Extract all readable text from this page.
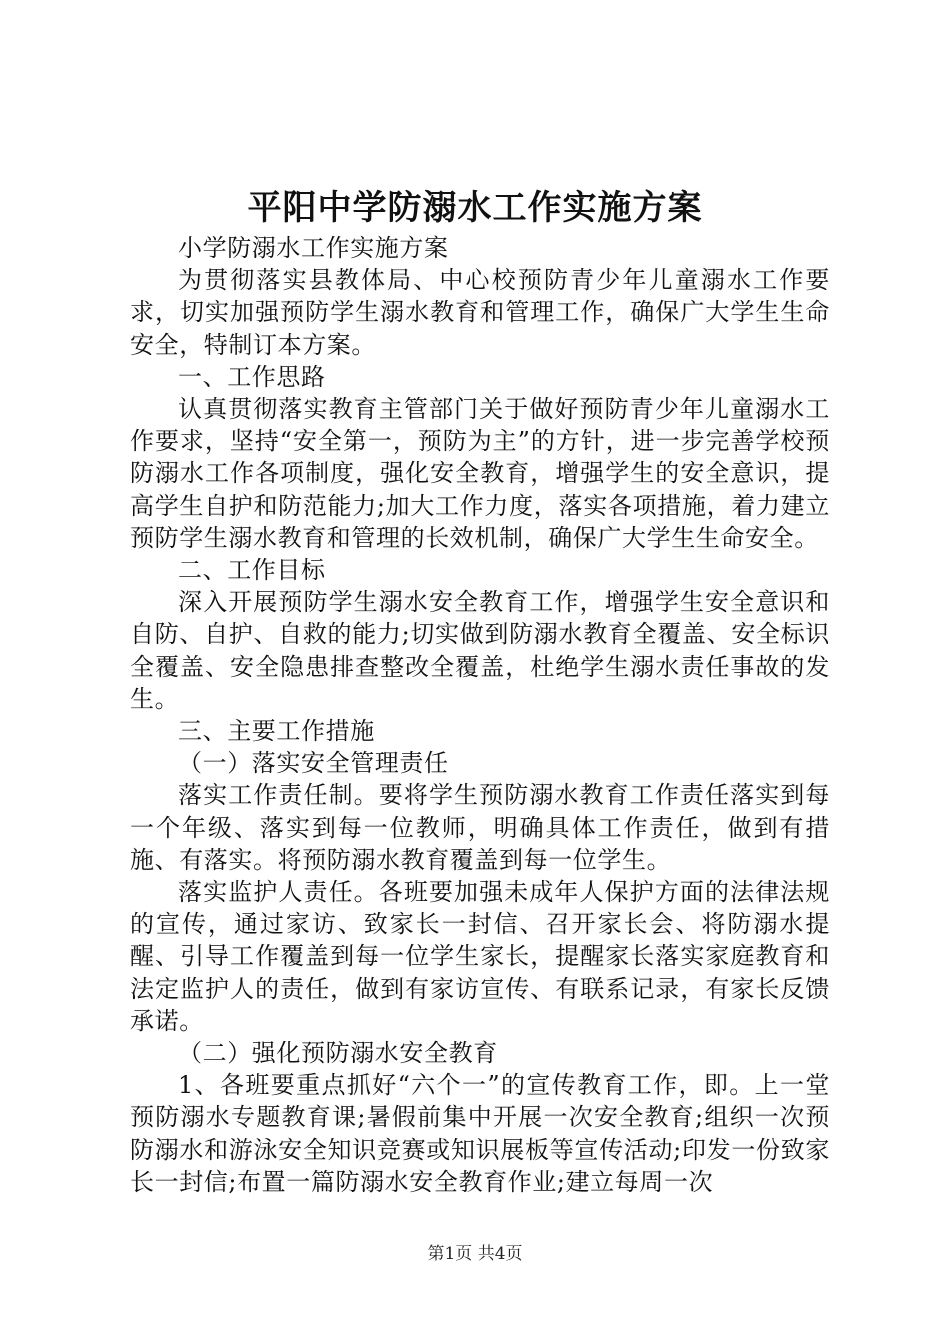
平阳中学防溺水工作实施方案

小学防溺水工作实施方案

为贯彻落实县教体局、中心校预防青少年儿童溺水工作要求，切实加强预防学生溺水教育和管理工作，确保广大学生生命安全，特制订本方案。

一、工作思路

认真贯彻落实教育主管部门关于做好预防青少年儿童溺水工作要求，坚持“安全第一，预防为主”的方针，进一步完善学校预防溺水工作各项制度，强化安全教育，增强学生的安全意识，提高学生自护和防范能力;加大工作力度，落实各项措施，着力建立预防学生溺水教育和管理的长效机制，确保广大学生生命安全。

二、工作目标

深入开展预防学生溺水安全教育工作，增强学生安全意识和自防、自护、自救的能力;切实做到防溺水教育全覆盖、安全标识全覆盖、安全隐患排查整改全覆盖，杜绝学生溺水责任事故的发生。

三、主要工作措施

（一）落实安全管理责任

落实工作责任制。要将学生预防溺水教育工作责任落实到每一个年级、落实到每一位教师，明确具体工作责任，做到有措施、有落实。将预防溺水教育覆盖到每一位学生。

落实监护人责任。各班要加强未成年人保护方面的法律法规的宣传，通过家访、致家长一封信、召开家长会、将防溺水提醒、引导工作覆盖到每一位学生家长，提醒家长落实家庭教育和法定监护人的责任，做到有家访宣传、有联系记录，有家长反馈承诺。

（二）强化预防溺水安全教育

1、各班要重点抓好“六个一”的宣传教育工作，即。上一堂预防溺水专题教育课;暑假前集中开展一次安全教育;组织一次预防溺水和游泳安全知识竞赛或知识展板等宣传活动;印发一份致家长一封信;布置一篇防溺水安全教育作业;建立每周一次

第1页 共4页
